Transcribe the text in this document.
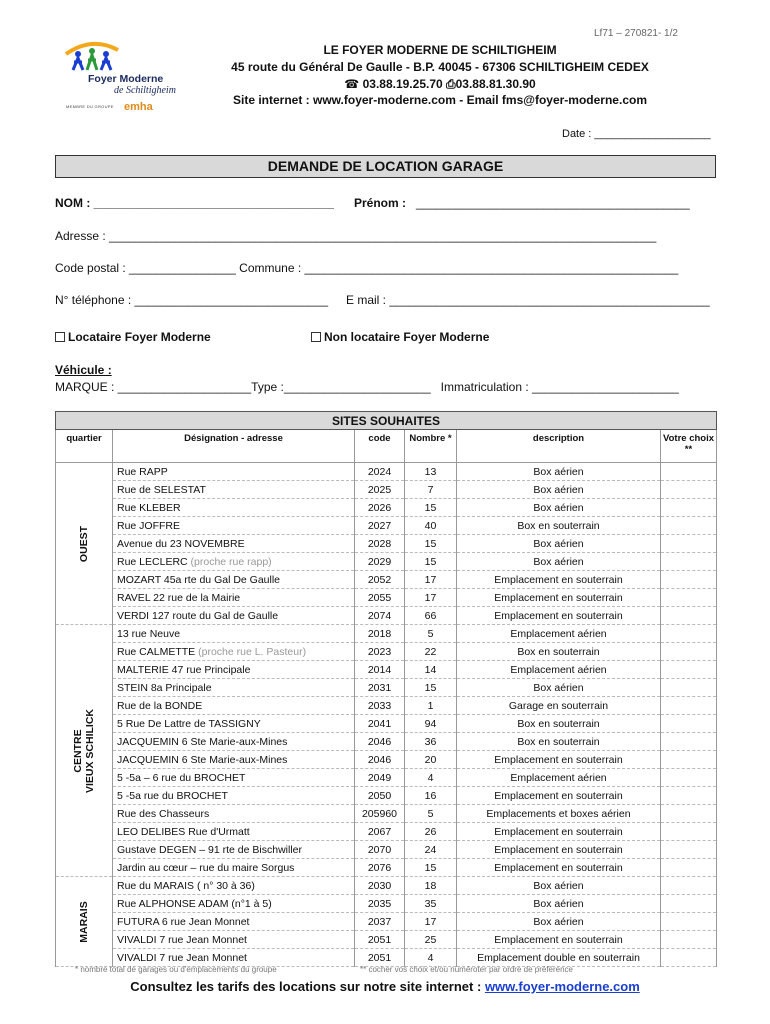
Lf71 – 270821- 1/2
Foyer Moderne
de Schiltigheim
MEMBRE DU GROUPE emha
LE FOYER MODERNE DE SCHILTIGHEIM
45 route du Général De Gaulle - B.P. 40045 - 67306 SCHILTIGHEIM CEDEX
☎ 03.88.19.25.70 ⎙03.88.81.30.90
Site internet : www.foyer-moderne.com - Email fms@foyer-moderne.com
Date : ___________________
DEMANDE DE LOCATION GARAGE
NOM : ____________________________________ Prénom : _________________________________________
Adresse : __________________________________________________________________________________
Code postal : ________________ Commune : ________________________________________________________
N° téléphone : _____________________________ E mail : ________________________________________________
Locataire Foyer Moderne	Non locataire Foyer Moderne
Véhicule :
MARQUE : ____________________Type :______________________   Immatriculation : ______________________
SITES SOUHAITES					
quartier	Désignation - adresse	code	Nombre *	description	Votre choix **

OUEST	Rue RAPP	2024	13	Box aérien	
	Rue de SELESTAT	2025	7	Box aérien	
	Rue KLEBER	2026	15	Box aérien	
	Rue JOFFRE	2027	40	Box en souterrain	
	Avenue du 23 NOVEMBRE	2028	15	Box aérien	
	Rue LECLERC (proche rue rapp)	2029	15	Box aérien	
	MOZART 45a rte du Gal De Gaulle	2052	17	Emplacement en souterrain	
	RAVEL 22 rue de la Mairie	2055	17	Emplacement en souterrain	
	VERDI 127 route du Gal de Gaulle	2074	66	Emplacement en souterrain	

CENTRE VIEUX SCHILICK	13 rue Neuve	2018	5	Emplacement aérien	
	Rue CALMETTE (proche rue L. Pasteur)	2023	22	Box en souterrain	
	MALTERIE 47 rue Principale	2014	14	Emplacement aérien	
	STEIN 8a Principale	2031	15	Box aérien	
	Rue de la BONDE	2033	1	Garage en souterrain	
	5 Rue De Lattre de TASSIGNY	2041	94	Box en souterrain	
	JACQUEMIN 6 Ste Marie-aux-Mines	2046	36	Box en souterrain	
	JACQUEMIN 6 Ste Marie-aux-Mines	2046	20	Emplacement en souterrain	
	5 -5a – 6 rue du BROCHET	2049	4	Emplacement aérien	
	5 -5a rue du BROCHET	2050	16	Emplacement en souterrain	
	Rue des Chasseurs	205960	5	Emplacements et boxes aérien	
	LEO DELIBES Rue d'Urmatt	2067	26	Emplacement en souterrain	
	Gustave DEGEN – 91 rte de Bischwiller	2070	24	Emplacement en souterrain	
	Jardin au cœur – rue du maire Sorgus	2076	15	Emplacement en souterrain	

MARAIS	Rue du MARAIS ( n° 30 à 36)	2030	18	Box aérien	
	Rue ALPHONSE ADAM (n°1 à 5)	2035	35	Box aérien	
	FUTURA 6 rue Jean Monnet	2037	17	Box aérien	
	VIVALDI 7 rue Jean Monnet	2051	25	Emplacement en souterrain	
	VIVALDI 7 rue Jean Monnet	2051	4	Emplacement double en souterrain	
* nombre total de garages ou d'emplacements du groupe	** cocher vos choix et/ou numéroter par ordre de préférence
Consultez les tarifs des locations sur notre site internet : www.foyer-moderne.com
